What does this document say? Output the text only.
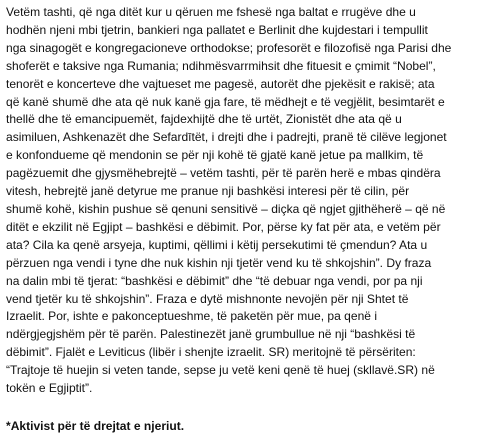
Vetëm tashti, që nga ditët kur u qëruen me fshesë nga baltat e rrugëve dhe u
hodhën njeni mbi tjetrin, bankieri nga pallatet e Berlinit dhe kujdestari i tempullit
nga sinagogët e kongregacioneve orthodokse; profesorët e filozofisë nga Parisi dhe
shoferët e taksive nga Rumania; ndihmësvarrmihsit dhe fituesit e çmimit “Nobel”,
tenorët e koncerteve dhe vajtueset me pagesë, autorët dhe pjekësit e rakisë; ata
që kanë shumë dhe ata që nuk kanë gja fare, të mëdhejt e të vegjëlit, besimtarët e
thellë dhe të emancipuemët, fajdexhijtë dhe të urtët, Zionistët dhe ata që u
asimiluen, Ashkenazët dhe Sefardītët, i drejti dhe i padrejti, pranë të cilëve legjonet
e konfondueme që mendonin se për nji kohë të gjatë kanë jetue pa mallkim, të
pagëzuemit dhe gjysmëhebrejtë – vetëm tashti, për të parën herë e mbas qindëra
vitesh, hebrejtë janë detyrue me pranue nji bashkësi interesi për të cilin, për
shumë kohë, kishin pushue së qenuni sensitivë – diçka që ngjet gjithëherë – që në
ditët e ekzilit në Egjipt – bashkësi e dëbimit. Por, përse ky fat për ata, e vetëm për
ata? Cila ka qenë arsyeja, kuptimi, qëllimi i këtij persekutimi të çmendun? Ata u
përzuen nga vendi i tyne dhe nuk kishin nji tjetër vend ku të shkojshin”. Dy fraza
na dalin mbi të tjerat: “bashkësi e dëbimit” dhe “të debuar nga vendi, por pa nji
vend tjetër ku të shkojshin”. Fraza e dytë mishnonte nevojën për nji Shtet të
Izraelit. Por, ishte e pakonceptueshme, të paketën për mue, pa qenë i
ndërgjegjshëm për të parën. Palestinezët janë grumbullue në nji “bashkësi të
dëbimit”. Fjalët e Leviticus (libër i shenjte izraelit. SR) meritojnë të përsëriten:
“Trajtoje të huejin si veten tande, sepse ju vetë keni qenë të huej (skllavë.SR) në
tokën e Egjiptit”.
*Aktivist për të drejtat e njeriut.
